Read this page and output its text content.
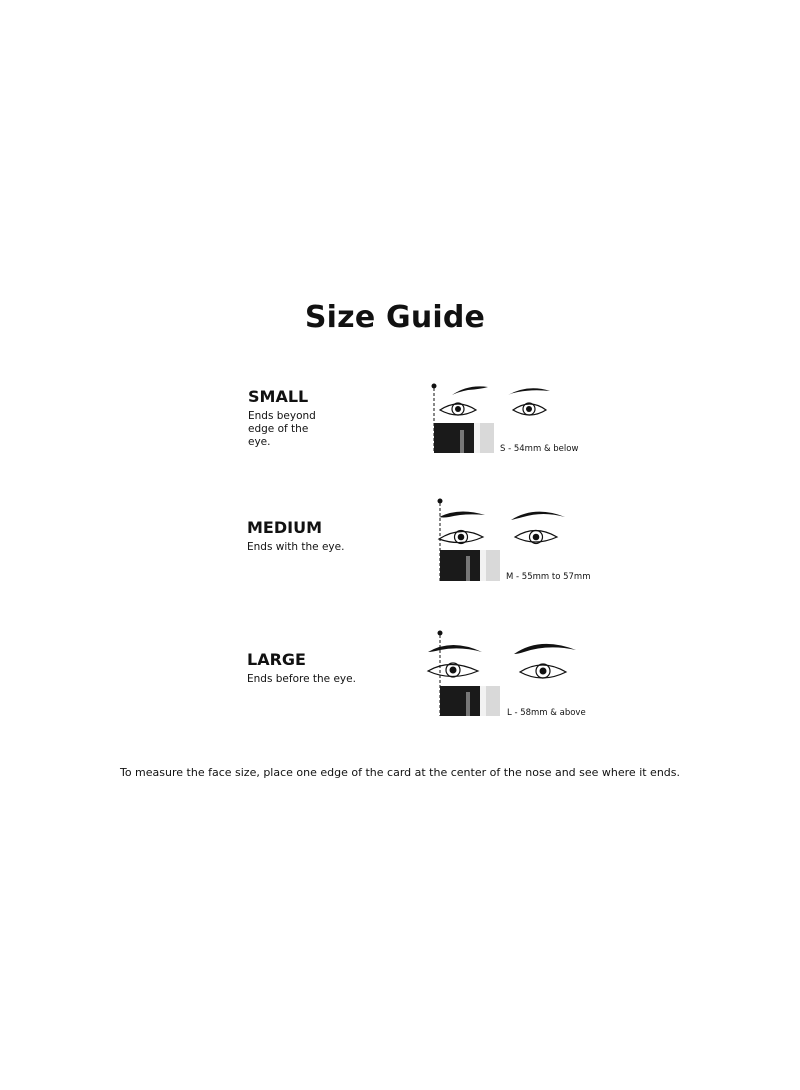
Size Guide
SMALL
Ends beyond edge of the eye.
S - 54mm & below
MEDIUM
Ends with the eye.
M - 55mm to 57mm
LARGE
Ends before the eye.
L - 58mm & above
To measure the face size, place one edge of the card at the center of the nose and see where it ends.
